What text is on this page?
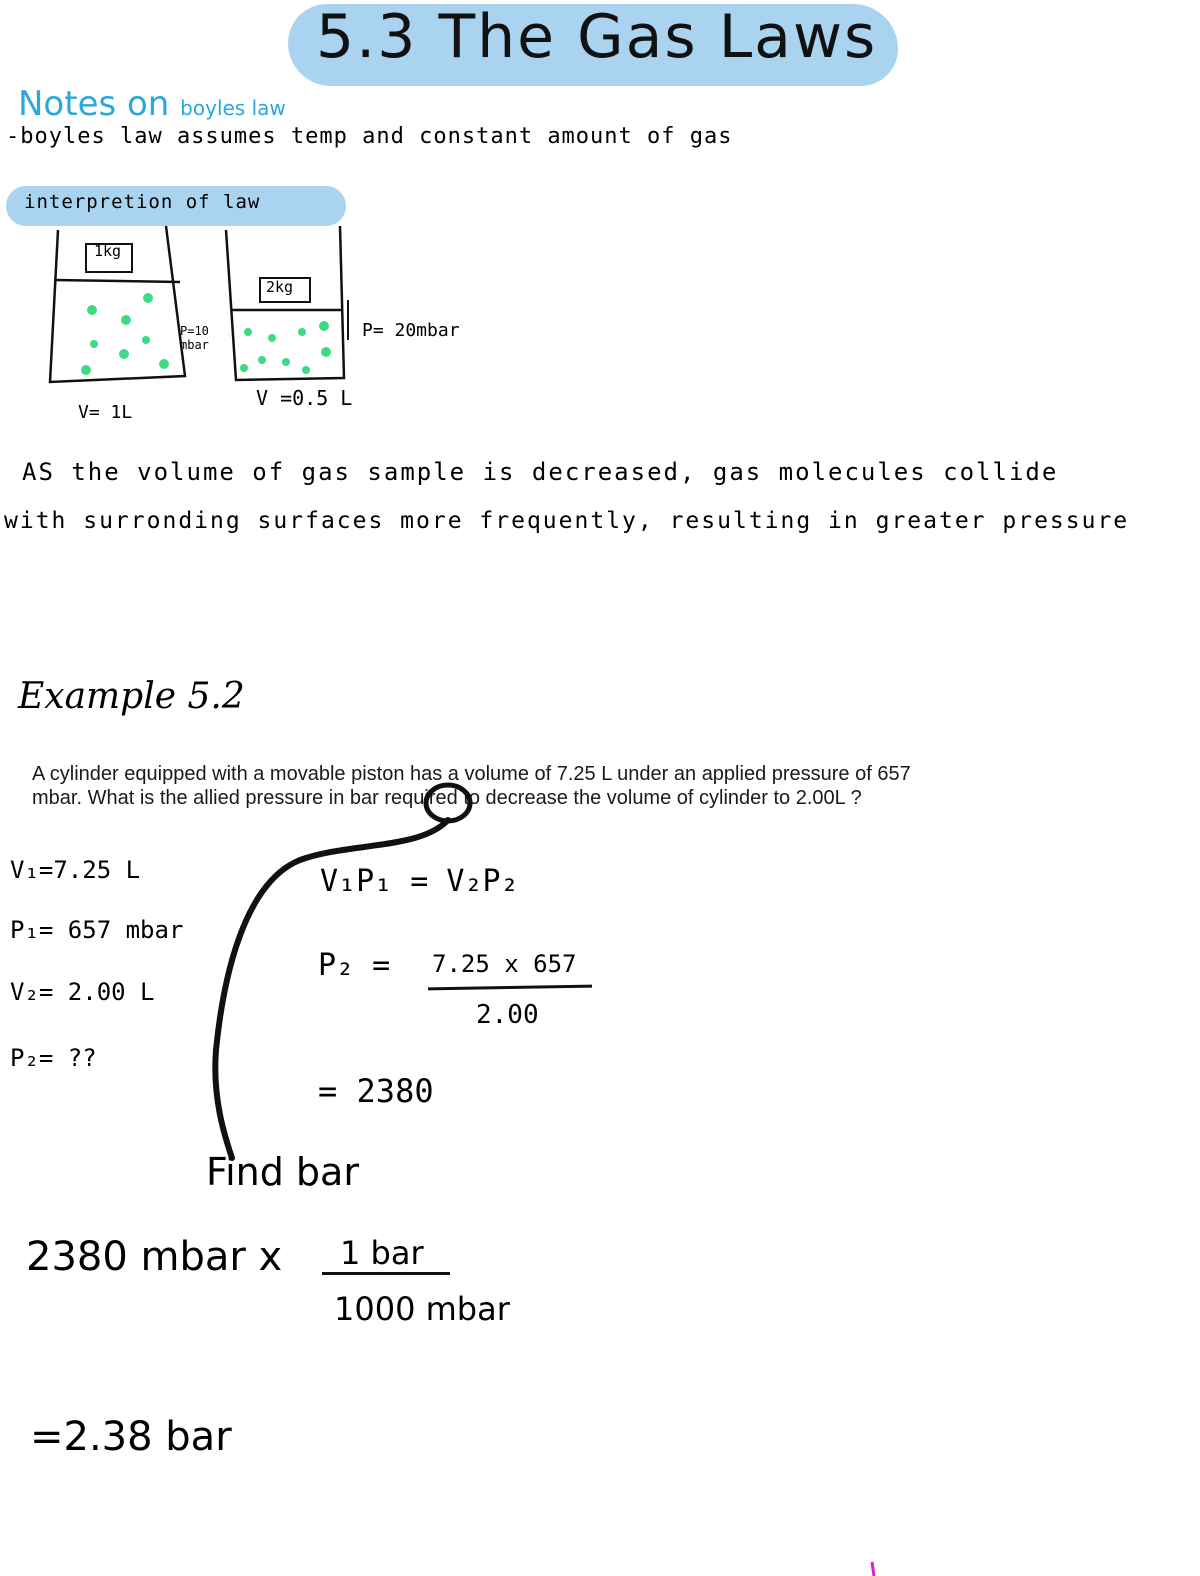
5.3 The Gas Laws
Notes on boyles law
-boyles law assumes temp and constant amount of gas
interpretion of law
1kg
2kg
P=10 mbar
P= 20mbar
V= 1L
V =0.5 L
AS the volume of gas sample is decreased, gas molecules collide
with surronding surfaces more frequently, resulting in greater pressure
Example 5.2
A cylinder equipped with a movable piston has a volume of 7.25 L under an applied pressure of 657
mbar. What is the allied pressure in bar required to decrease the volume of cylinder to 2.00L ?
V₁=7.25 L
P₁= 657 mbar
V₂= 2.00 L
P₂= ??
V₁P₁ = V₂P₂
P₂ = 7.25 x 657
2.00
= 2380
Find bar
2380 mbar x 1 bar
1000 mbar
=2.38 bar
